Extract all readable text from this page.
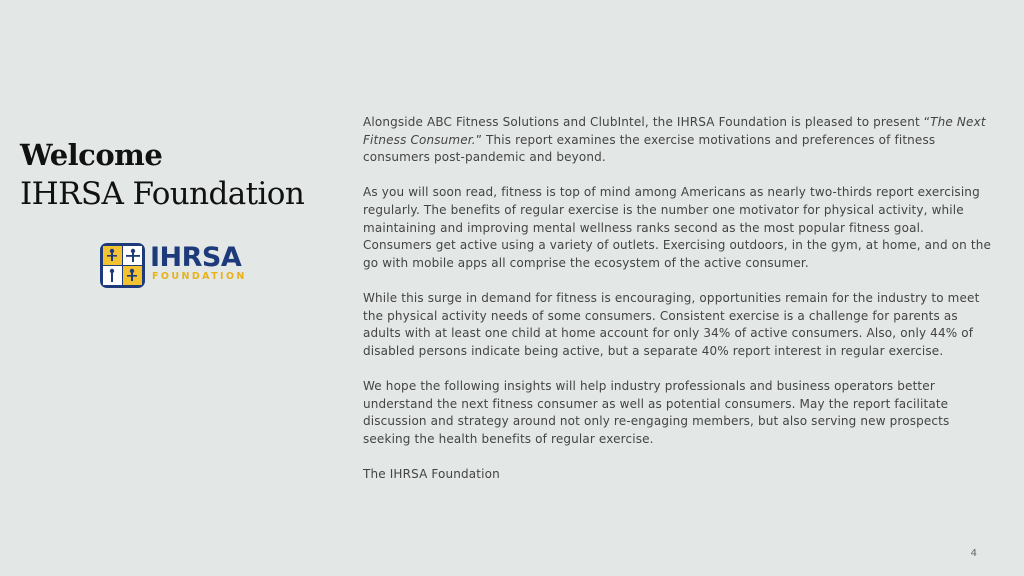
Welcome
IHRSA Foundation
IHRSA
FOUNDATION

Alongside ABC Fitness Solutions and ClubIntel, the IHRSA Foundation is pleased to present “The Next Fitness Consumer.” This report examines the exercise motivations and preferences of fitness consumers post-pandemic and beyond.

As you will soon read, fitness is top of mind among Americans as nearly two-thirds report exercising regularly. The benefits of regular exercise is the number one motivator for physical activity, while maintaining and improving mental wellness ranks second as the most popular fitness goal. Consumers get active using a variety of outlets. Exercising outdoors, in the gym, at home, and on the go with mobile apps all comprise the ecosystem of the active consumer.

While this surge in demand for fitness is encouraging, opportunities remain for the industry to meet the physical activity needs of some consumers. Consistent exercise is a challenge for parents as adults with at least one child at home account for only 34% of active consumers. Also, only 44% of disabled persons indicate being active, but a separate 40% report interest in regular exercise.

We hope the following insights will help industry professionals and business operators better understand the next fitness consumer as well as potential consumers. May the report facilitate discussion and strategy around not only re-engaging members, but also serving new prospects seeking the health benefits of regular exercise.

The IHRSA Foundation

4
